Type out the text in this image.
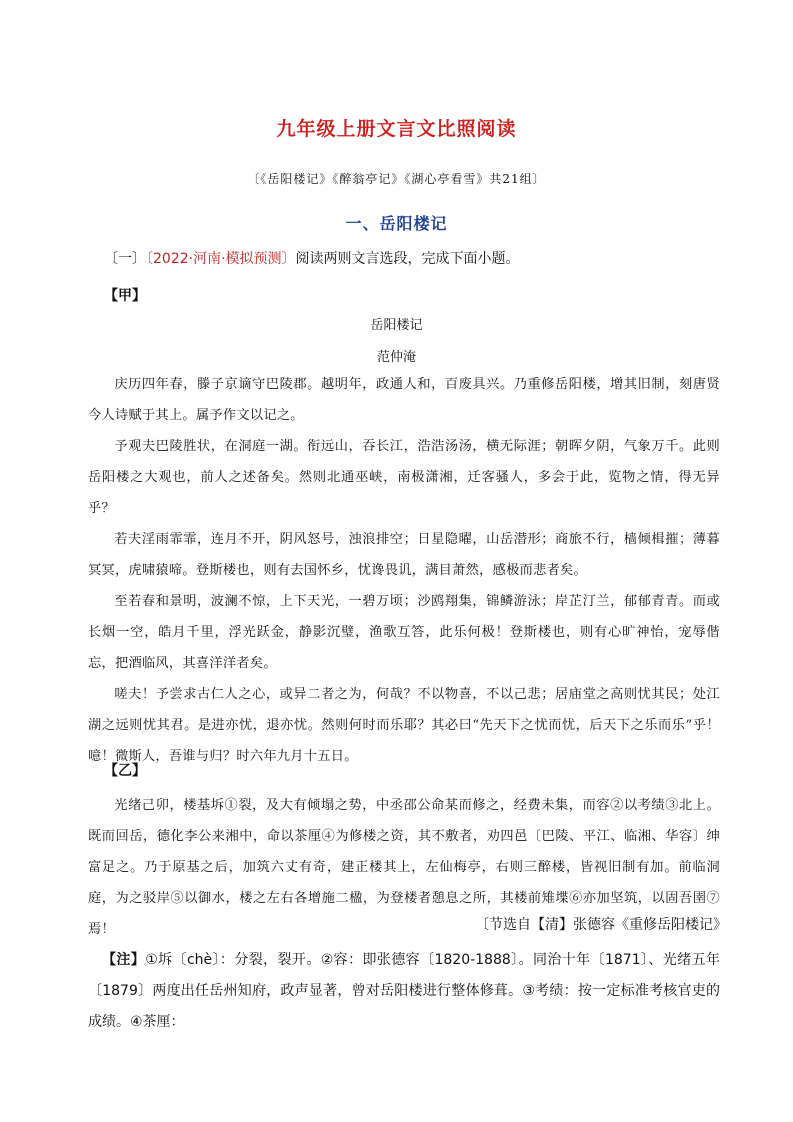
九年级上册文言文比照阅读
〔《岳阳楼记》《醉翁亭记》《湖心亭看雪》共21组〕
一、岳阳楼记
〔一〕〔2022·河南·模拟预测〕阅读两则文言选段，完成下面小题。
【甲】
岳阳楼记
范仲淹

庆历四年春，滕子京谪守巴陵郡。越明年，政通人和，百废具兴。乃重修岳阳楼，增其旧制，刻唐贤今人诗赋于其上。属予作文以记之。

予观夫巴陵胜状，在洞庭一湖。衔远山，吞长江，浩浩汤汤，横无际涯；朝晖夕阴，气象万千。此则岳阳楼之大观也，前人之述备矣。然则北通巫峡，南极潇湘，迁客骚人，多会于此，览物之情，得无异乎？

若夫淫雨霏霏，连月不开，阴风怒号，浊浪排空；日星隐曜，山岳潜形；商旅不行，樯倾楫摧；薄暮冥冥，虎啸猿啼。登斯楼也，则有去国怀乡，忧谗畏讥，满目萧然，感极而悲者矣。

至若春和景明，波澜不惊，上下天光，一碧万顷；沙鸥翔集，锦鳞游泳；岸芷汀兰，郁郁青青。而或长烟一空，皓月千里，浮光跃金，静影沉璧，渔歌互答，此乐何极！登斯楼也，则有心旷神怡，宠辱偕忘，把酒临风，其喜洋洋者矣。

嗟夫！予尝求古仁人之心，或异二者之为，何哉？不以物喜，不以己悲；居庙堂之高则忧其民；处江湖之远则忧其君。是进亦忧，退亦忧。然则何时而乐耶？其必曰“先天下之忧而忧，后天下之乐而乐”乎！噫！微斯人，吾谁与归？时六年九月十五日。

【乙】

光绪己卯，楼基坼①裂，及大有倾塌之势，中丞邵公命某而修之，经费未集，而容②以考绩③北上。既而回岳，德化李公来湘中，命以茶厘④为修楼之资，其不敷者，劝四邑〔巴陵、平江、临湘、华容〕绅富足之。乃于原基之后，加筑六丈有奇，建正楼其上，左仙梅亭，右则三醉楼，皆视旧制有加。前临洞庭，为之驳岸⑤以御水，楼之左右各增施二楹，为登楼者憩息之所，其楼前雉堞⑥亦加坚筑，以固吾圉⑦焉！	〔节选自【清】张德容《重修岳阳楼记》

【注】①坼〔chè〕：分裂，裂开。②容：即张德容〔1820-1888〕。同治十年〔1871〕、光绪五年〔1879〕两度出任岳州知府，政声显著，曾对岳阳楼进行整体修葺。③考绩：按一定标准考核官吏的成绩。④茶厘：
